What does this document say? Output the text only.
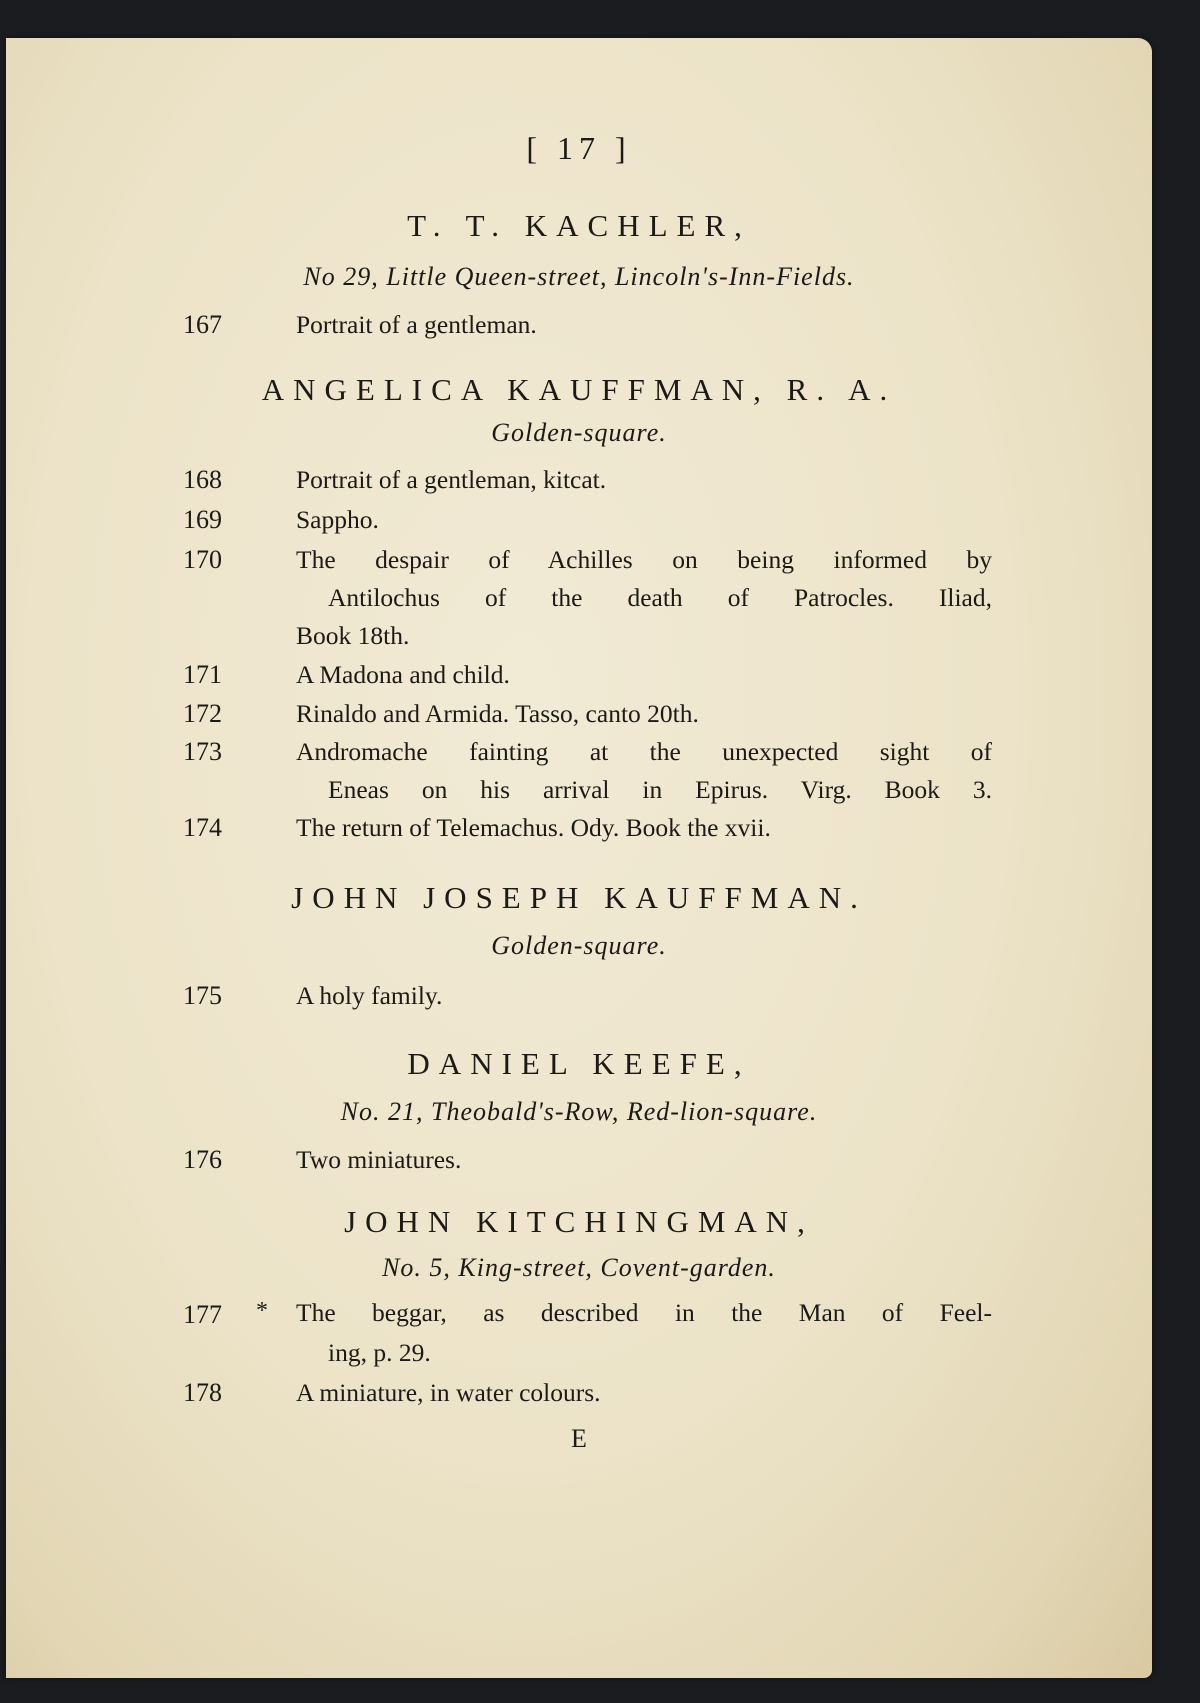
[ 17 ]
T. T. KACHLER,
No 29, Little Queen-street, Lincoln's-Inn-Fields.
167	Portrait of a gentleman.
ANGELICA KAUFFMAN, R. A.
Golden-square.
168	Portrait of a gentleman, kitcat.
169	Sappho.
170	The despair of Achilles on being informed by
Antilochus of the death of Patrocles. Iliad,
Book 18th.
171	A Madona and child.
172	Rinaldo and Armida. Tasso, canto 20th.
173	Andromache fainting at the unexpected sight of
Eneas on his arrival in Epirus. Virg. Book 3.
174	The return of Telemachus. Ody. Book the xvii.
JOHN JOSEPH KAUFFMAN.
Golden-square.
175	A holy family.
DANIEL KEEFE,
No. 21, Theobald's-Row, Red-lion-square.
176	Two miniatures.
JOHN KITCHINGMAN,
No. 5, King-street, Covent-garden.
177 * The beggar, as described in the Man of Feel-
ing, p. 29.
178	A miniature, in water colours.
E
